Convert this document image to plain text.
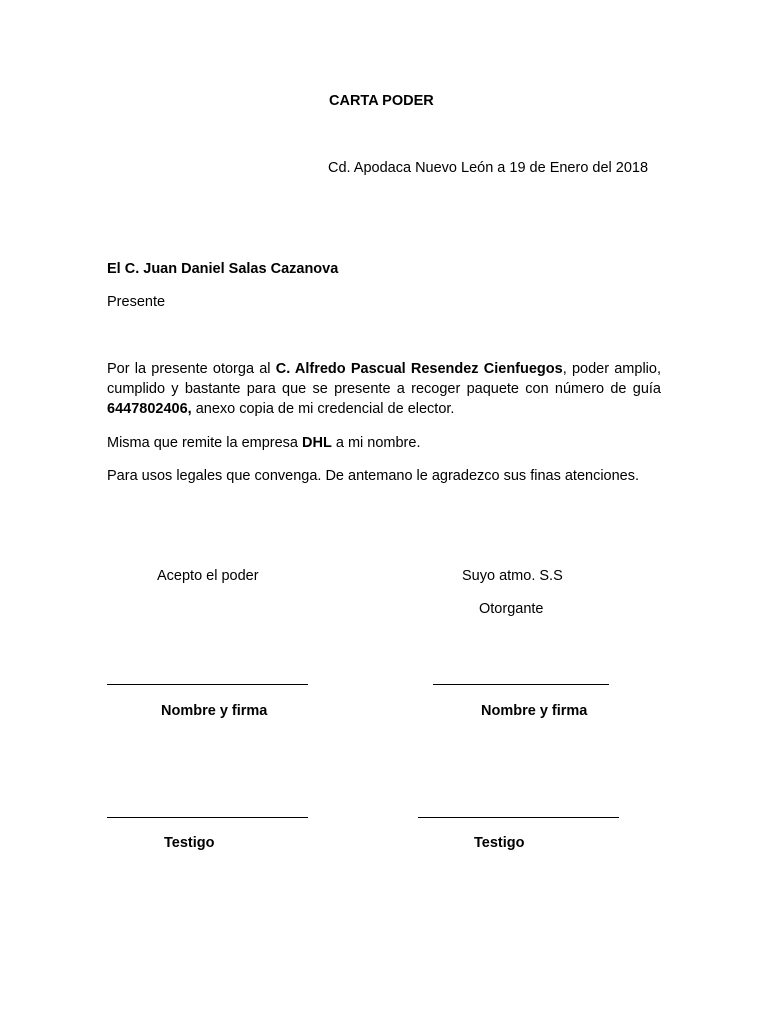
CARTA PODER
Cd. Apodaca Nuevo León a 19 de Enero del 2018
El C. Juan Daniel Salas Cazanova
Presente
Por la presente otorga al C. Alfredo Pascual Resendez Cienfuegos, poder amplio, cumplido y bastante para que se presente a recoger paquete con número de guía 6447802406, anexo copia de mi credencial de elector.
Misma que remite la empresa DHL a mi nombre.
Para usos legales que convenga. De antemano le agradezco sus finas atenciones.
Acepto el poder	Suyo atmo. S.S
Otorgante
Nombre y firma	Nombre y firma
Testigo	Testigo
